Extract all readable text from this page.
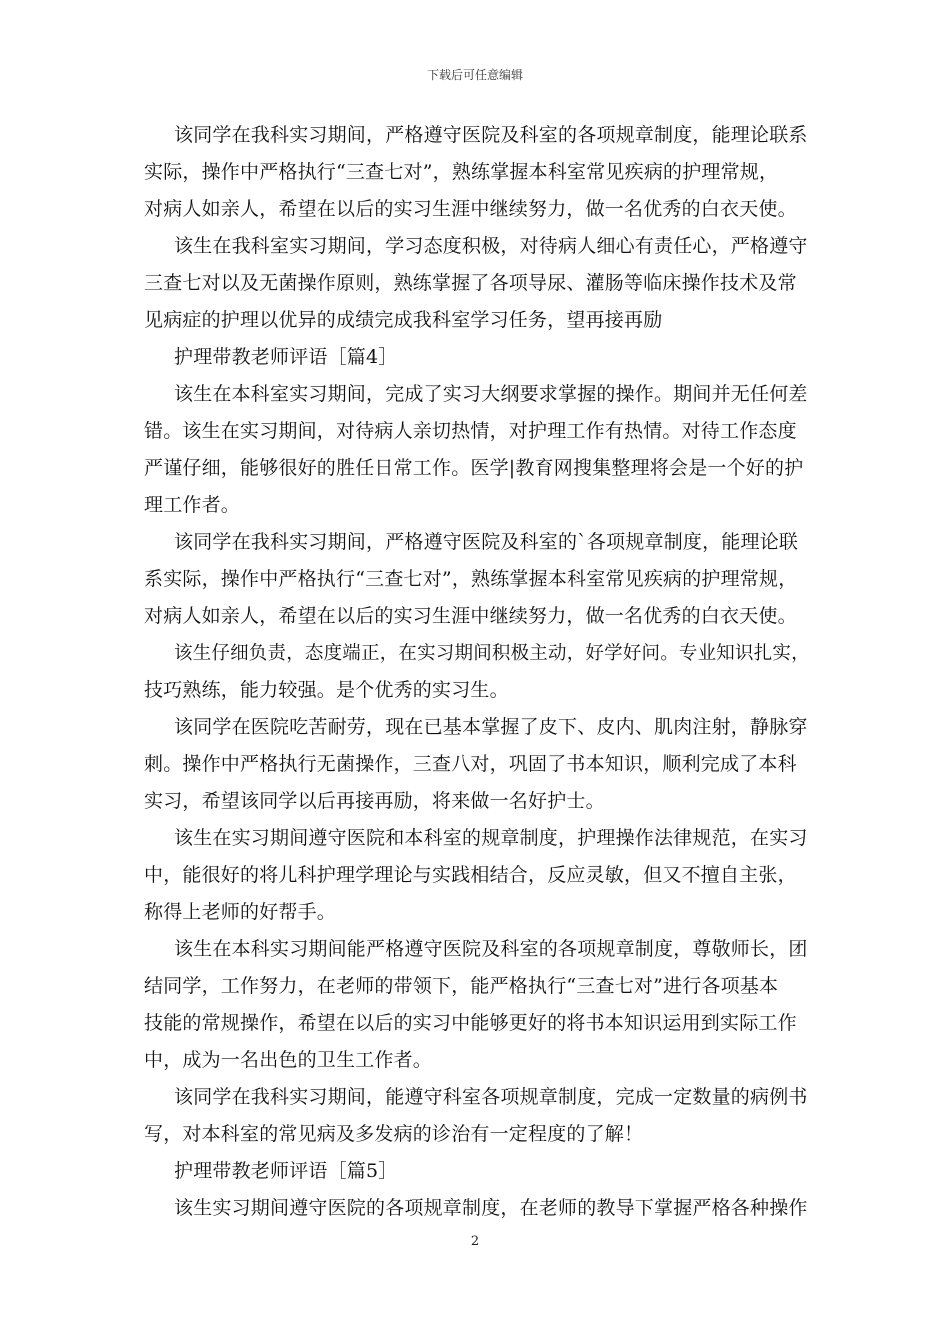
下载后可任意编辑
该同学在我科实习期间，严格遵守医院及科室的各项规章制度，能理论联系
实际，操作中严格执行“三查七对”，熟练掌握本科室常见疾病的护理常规，
对病人如亲人，希望在以后的实习生涯中继续努力，做一名优秀的白衣天使。
该生在我科室实习期间，学习态度积极，对待病人细心有责任心，严格遵守
三查七对以及无菌操作原则，熟练掌握了各项导尿、灌肠等临床操作技术及常
见病症的护理以优异的成绩完成我科室学习任务，望再接再励
护理带教老师评语［篇4］
该生在本科室实习期间，完成了实习大纲要求掌握的操作。期间并无任何差
错。该生在实习期间，对待病人亲切热情，对护理工作有热情。对待工作态度
严谨仔细，能够很好的胜任日常工作。医学|教育网搜集整理将会是一个好的护
理工作者。
该同学在我科实习期间，严格遵守医院及科室的`各项规章制度，能理论联
系实际，操作中严格执行“三查七对”，熟练掌握本科室常见疾病的护理常规，
对病人如亲人，希望在以后的实习生涯中继续努力，做一名优秀的白衣天使。
该生仔细负责，态度端正，在实习期间积极主动，好学好问。专业知识扎实，
技巧熟练，能力较强。是个优秀的实习生。
该同学在医院吃苦耐劳，现在已基本掌握了皮下、皮内、肌肉注射，静脉穿
刺。操作中严格执行无菌操作，三查八对，巩固了书本知识，顺利完成了本科
实习，希望该同学以后再接再励，将来做一名好护士。
该生在实习期间遵守医院和本科室的规章制度，护理操作法律规范，在实习
中，能很好的将儿科护理学理论与实践相结合，反应灵敏，但又不擅自主张，
称得上老师的好帮手。
该生在本科实习期间能严格遵守医院及科室的各项规章制度，尊敬师长，团
结同学，工作努力，在老师的带领下，能严格执行“三查七对”进行各项基本
技能的常规操作，希望在以后的实习中能够更好的将书本知识运用到实际工作
中，成为一名出色的卫生工作者。
该同学在我科实习期间，能遵守科室各项规章制度，完成一定数量的病例书
写，对本科室的常见病及多发病的诊治有一定程度的了解！
护理带教老师评语［篇5］
该生实习期间遵守医院的各项规章制度，在老师的教导下掌握严格各种操作
2
